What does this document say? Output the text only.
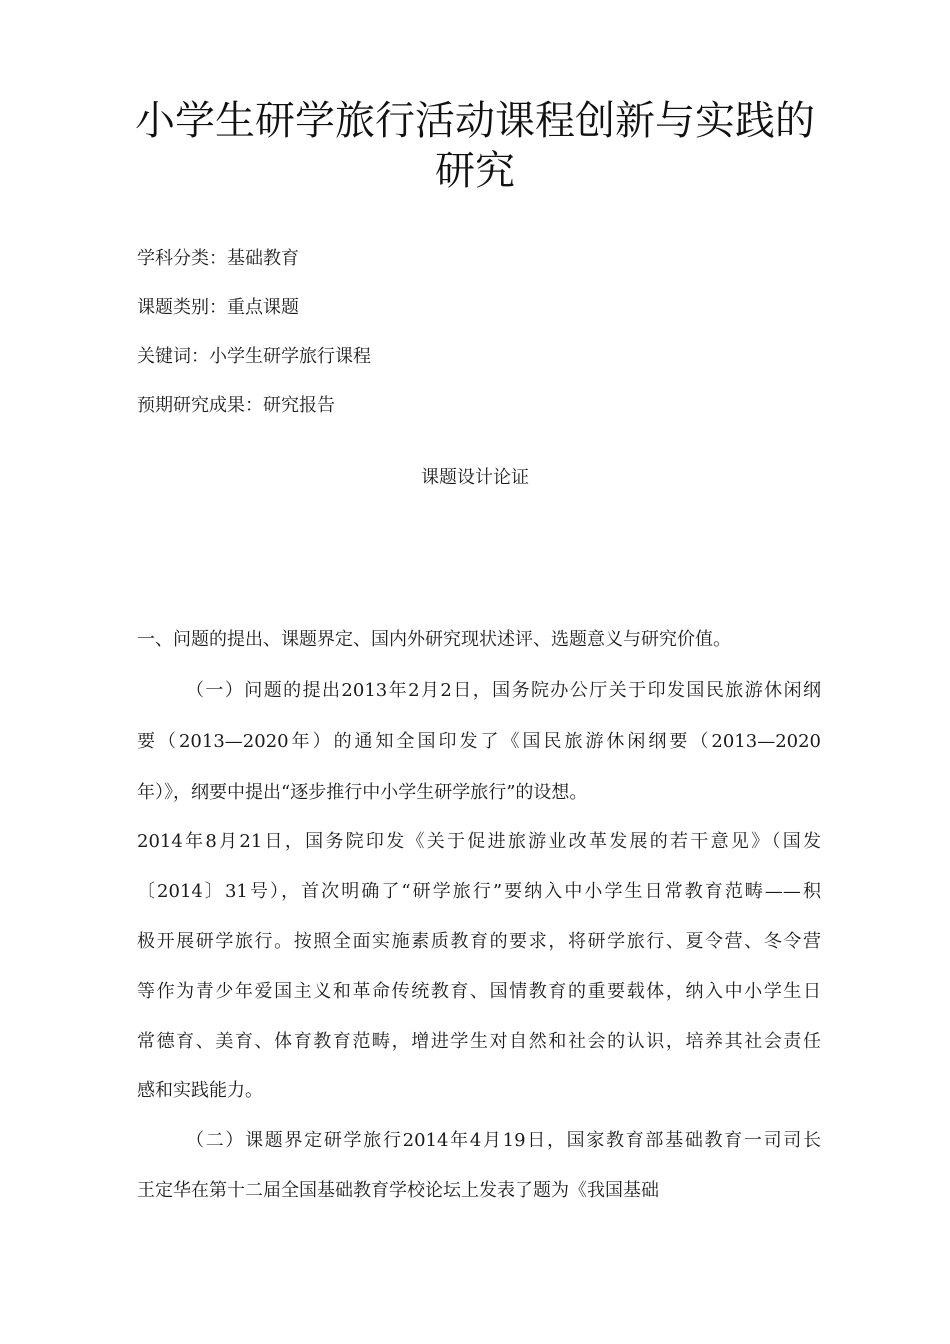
小学生研学旅行活动课程创新与实践的
研究
学科分类：基础教育
课题类别：重点课题
关键词：小学生研学旅行课程
预期研究成果：研究报告
课题设计论证
一、问题的提出、课题界定、国内外研究现状述评、选题意义与研究价值。
（一）问题的提出2013年2月2日，国务院办公厅关于印发国民旅游休闲纲
要（2013—2020年）的通知全国印发了《国民旅游休闲纲要（2013—2020
年）》，纲要中提出“逐步推行中小学生研学旅行”的设想。
2014年8月21日，国务院印发《关于促进旅游业改革发展的若干意见》（国发
〔2014〕31号），首次明确了“研学旅行”要纳入中小学生日常教育范畴——积
极开展研学旅行。按照全面实施素质教育的要求，将研学旅行、夏令营、冬令营
等作为青少年爱国主义和革命传统教育、国情教育的重要载体，纳入中小学生日
常德育、美育、体育教育范畴，增进学生对自然和社会的认识，培养其社会责任
感和实践能力。
（二）课题界定研学旅行2014年4月19日，国家教育部基础教育一司司长
王定华在第十二届全国基础教育学校论坛上发表了题为《我国基础
